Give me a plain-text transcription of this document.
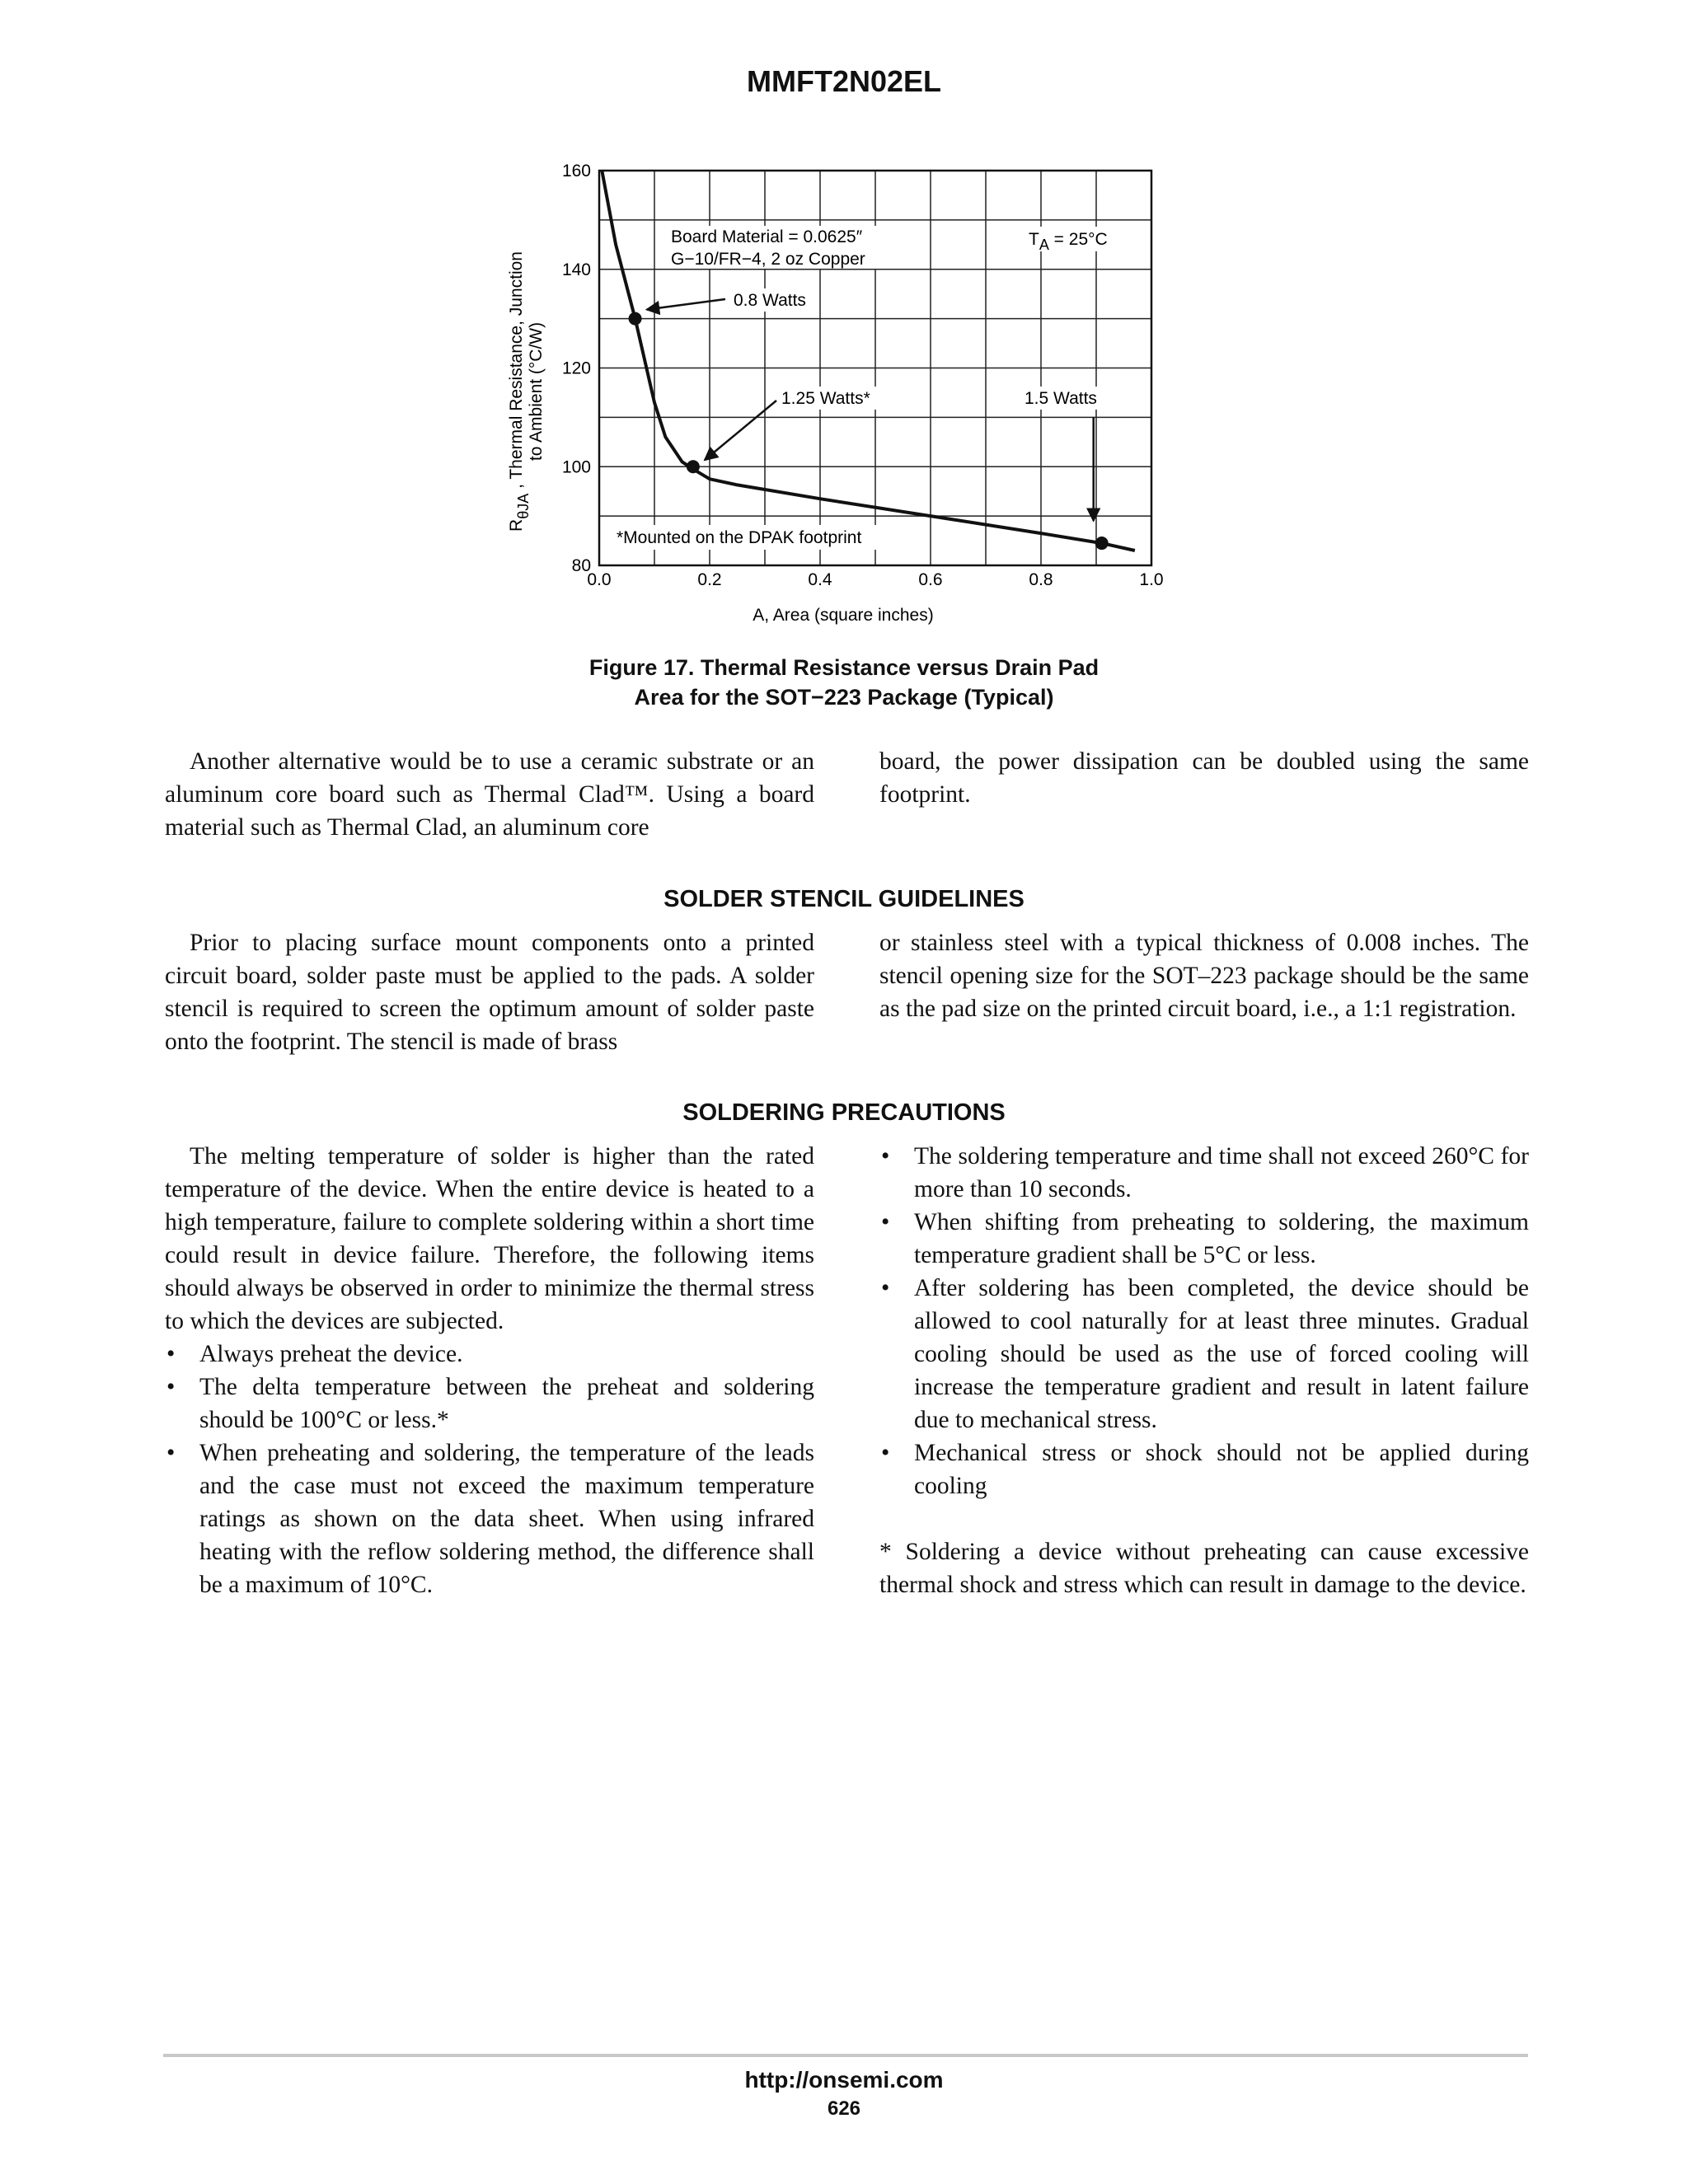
MMFT2N02EL
0.0	0.2	0.4	0.6	0.8	1.0
80
100
120
140
160
RθJA , Thermal Resistance, Junction to Ambient (°C/W)
A, Area (square inches)
Board Material = 0.0625″
G−10/FR−4, 2 oz Copper
TA = 25°C
*Mounted on the DPAK footprint
0.8 Watts
1.25 Watts*	1.5 Watts
Figure 17. Thermal Resistance versus Drain Pad
Area for the SOT−223 Package (Typical)

Another alternative would be to use a ceramic substrate or an aluminum core board such as Thermal Clad™. Using a board material such as Thermal Clad, an aluminum core

board, the power dissipation can be doubled using the same footprint.

SOLDER STENCIL GUIDELINES

Prior to placing surface mount components onto a printed circuit board, solder paste must be applied to the pads. A solder stencil is required to screen the optimum amount of solder paste onto the footprint. The stencil is made of brass

or stainless steel with a typical thickness of 0.008 inches. The stencil opening size for the SOT–223 package should be the same as the pad size on the printed circuit board, i.e., a 1:1 registration.

SOLDERING PRECAUTIONS

The melting temperature of solder is higher than the rated temperature of the device. When the entire device is heated to a high temperature, failure to complete soldering within a short time could result in device failure. Therefore, the following items should always be observed in order to minimize the thermal stress to which the devices are subjected.

• Always preheat the device.
• The delta temperature between the preheat and soldering should be 100°C or less.*
• When preheating and soldering, the temperature of the leads and the case must not exceed the maximum temperature ratings as shown on the data sheet. When using infrared heating with the reflow soldering method, the difference shall be a maximum of 10°C.
• The soldering temperature and time shall not exceed 260°C for more than 10 seconds.
• When shifting from preheating to soldering, the maximum temperature gradient shall be 5°C or less.
• After soldering has been completed, the device should be allowed to cool naturally for at least three minutes. Gradual cooling should be used as the use of forced cooling will increase the temperature gradient and result in latent failure due to mechanical stress.
• Mechanical stress or shock should not be applied during cooling

* Soldering a device without preheating can cause excessive thermal shock and stress which can result in damage to the device.

http://onsemi.com
626
